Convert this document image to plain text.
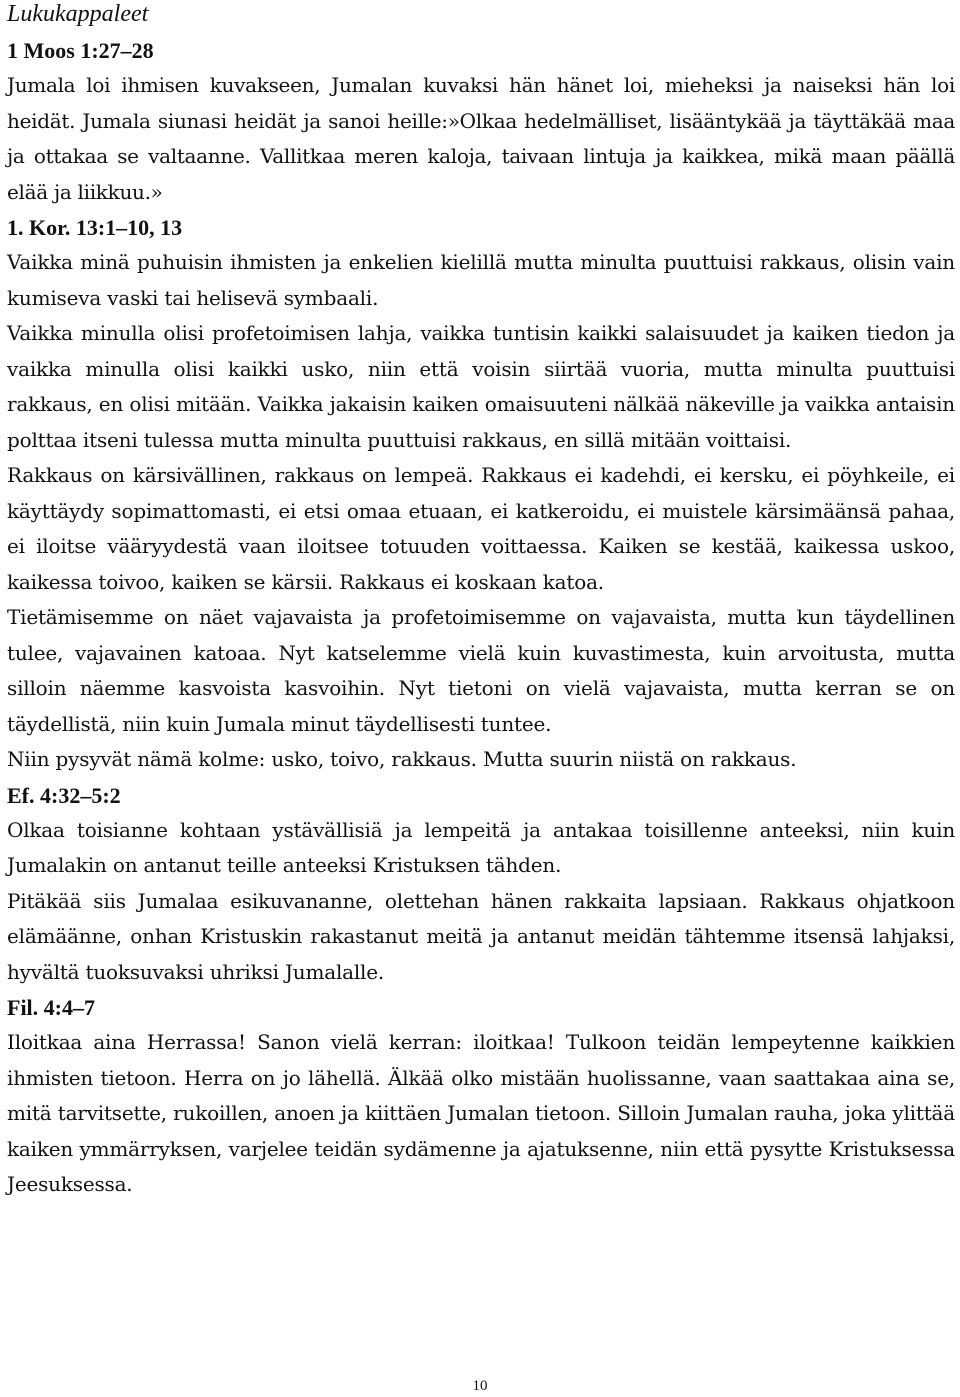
Lukukappaleet

1 Moos 1:27–28

Jumala loi ihmisen kuvakseen, Jumalan kuvaksi hän hänet loi, mieheksi ja naiseksi hän loi heidät. Jumala siunasi heidät ja sanoi heille:»Olkaa hedelmälliset, lisääntykää ja täyttäkää maa ja ottakaa se valtaanne. Vallitkaa meren kaloja, taivaan lintuja ja kaikkea, mikä maan päällä elää ja liikkuu.»

1. Kor. 13:1–10, 13

Vaikka minä puhuisin ihmisten ja enkelien kielillä mutta minulta puuttuisi rakkaus, olisin vain kumiseva vaski tai helisevä symbaali.

Vaikka minulla olisi profetoimisen lahja, vaikka tuntisin kaikki salaisuudet ja kaiken tiedon ja vaikka minulla olisi kaikki usko, niin että voisin siirtää vuoria, mutta minulta puuttuisi rakkaus, en olisi mitään. Vaikka jakaisin kaiken omaisuuteni nälkää näkeville ja vaikka antaisin polttaa itseni tulessa mutta minulta puuttuisi rakkaus, en sillä mitään voittaisi.

Rakkaus on kärsivällinen, rakkaus on lempeä. Rakkaus ei kadehdi, ei kersku, ei pöyhkeile, ei käyttäydy sopimattomasti, ei etsi omaa etuaan, ei katkeroidu, ei muistele kärsimäänsä pahaa, ei iloitse vääryydestä vaan iloitsee totuuden voittaessa. Kaiken se kestää, kaikessa uskoo, kaikessa toivoo, kaiken se kärsii. Rakkaus ei koskaan katoa.

Tietämisemme on näet vajavaista ja profetoimisemme on vajavaista, mutta kun täydellinen tulee, vajavainen katoaa. Nyt katselemme vielä kuin kuvastimesta, kuin arvoitusta, mutta silloin näemme kasvoista kasvoihin. Nyt tietoni on vielä vajavaista, mutta kerran se on täydellistä, niin kuin Jumala minut täydellisesti tuntee.

Niin pysyvät nämä kolme: usko, toivo, rakkaus. Mutta suurin niistä on rakkaus.

Ef. 4:32–5:2

Olkaa toisianne kohtaan ystävällisiä ja lempeitä ja antakaa toisillenne anteeksi, niin kuin Jumalakin on antanut teille anteeksi Kristuksen tähden.

Pitäkää siis Jumalaa esikuvananne, olettehan hänen rakkaita lapsiaan. Rakkaus ohjatkoon elämäänne, onhan Kristuskin rakastanut meitä ja antanut meidän tähtemme itsensä lahjaksi, hyvältä tuoksuvaksi uhriksi Jumalalle.

Fil. 4:4–7

Iloitkaa aina Herrassa! Sanon vielä kerran: iloitkaa! Tulkoon teidän lempeytenne kaikkien ihmisten tietoon. Herra on jo lähellä. Älkää olko mistään huolissanne, vaan saattakaa aina se, mitä tarvitsette, rukoillen, anoen ja kiittäen Jumalan tietoon. Silloin Jumalan rauha, joka ylittää kaiken ymmärryksen, varjelee teidän sydämenne ja ajatuksenne, niin että pysytte Kristuksessa Jeesuksessa.

10
